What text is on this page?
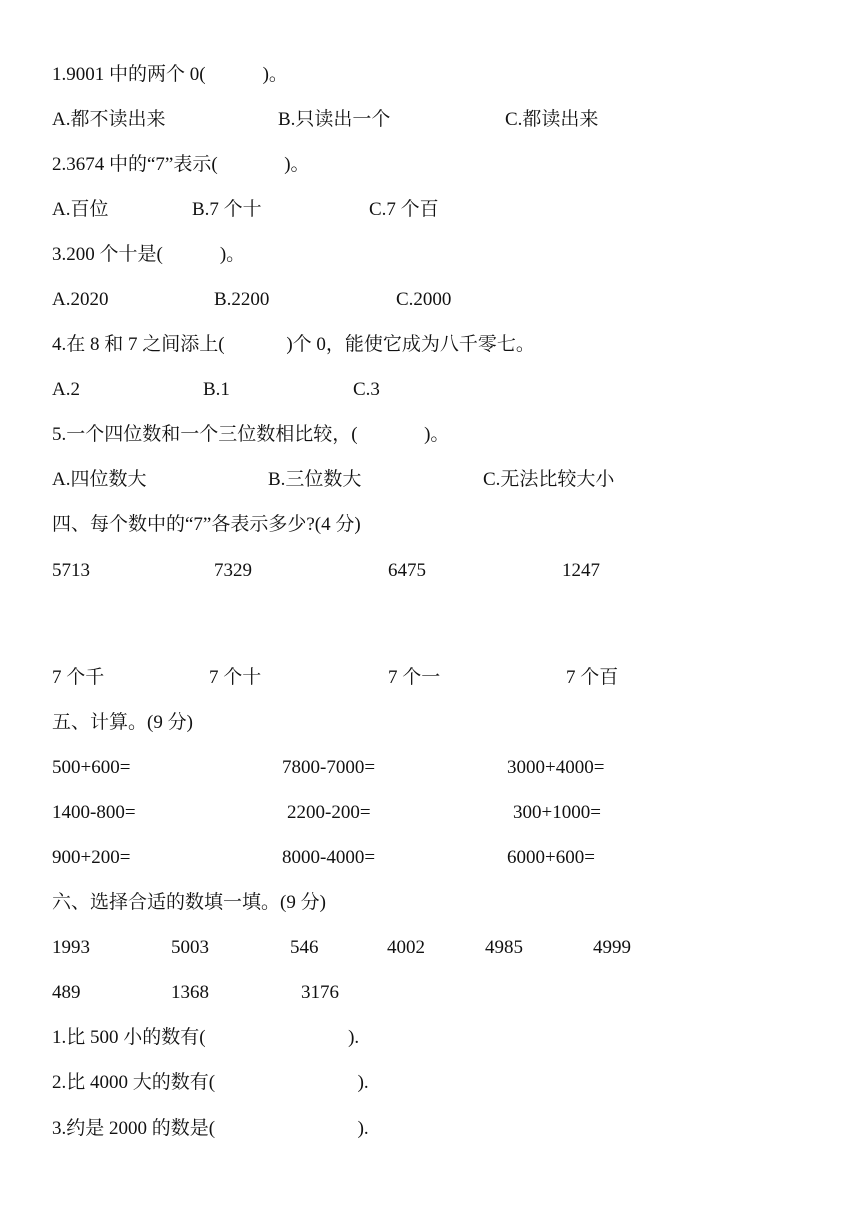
1.9001 中的两个 0(            )。
A.都不读出来	B.只读出一个	C.都读出来
2.3674 中的“7”表示(              )。
A.百位	B.7 个十	C.7 个百
3.200 个十是(            )。
A.2020	B.2200	C.2000
4.在 8 和 7 之间添上(             )个 0，能使它成为八千零七。
A.2	B.1	C.3
5.一个四位数和一个三位数相比较，(              )。
A.四位数大	B.三位数大	C.无法比较大小
四、每个数中的“7”各表示多少?(4 分)
5713	7329	6475	1247
7 个千	7 个十	7 个一	7 个百
五、计算。(9 分)
500+600=	7800-7000=	3000+4000=
1400-800=	2200-200=	300+1000=
900+200=	8000-4000=	6000+600=
六、选择合适的数填一填。(9 分)
1993	5003	546	4002	4985	4999
489	1368	3176
1.比 500 小的数有(                              ).
2.比 4000 大的数有(                              ).
3.约是 2000 的数是(                              ).
